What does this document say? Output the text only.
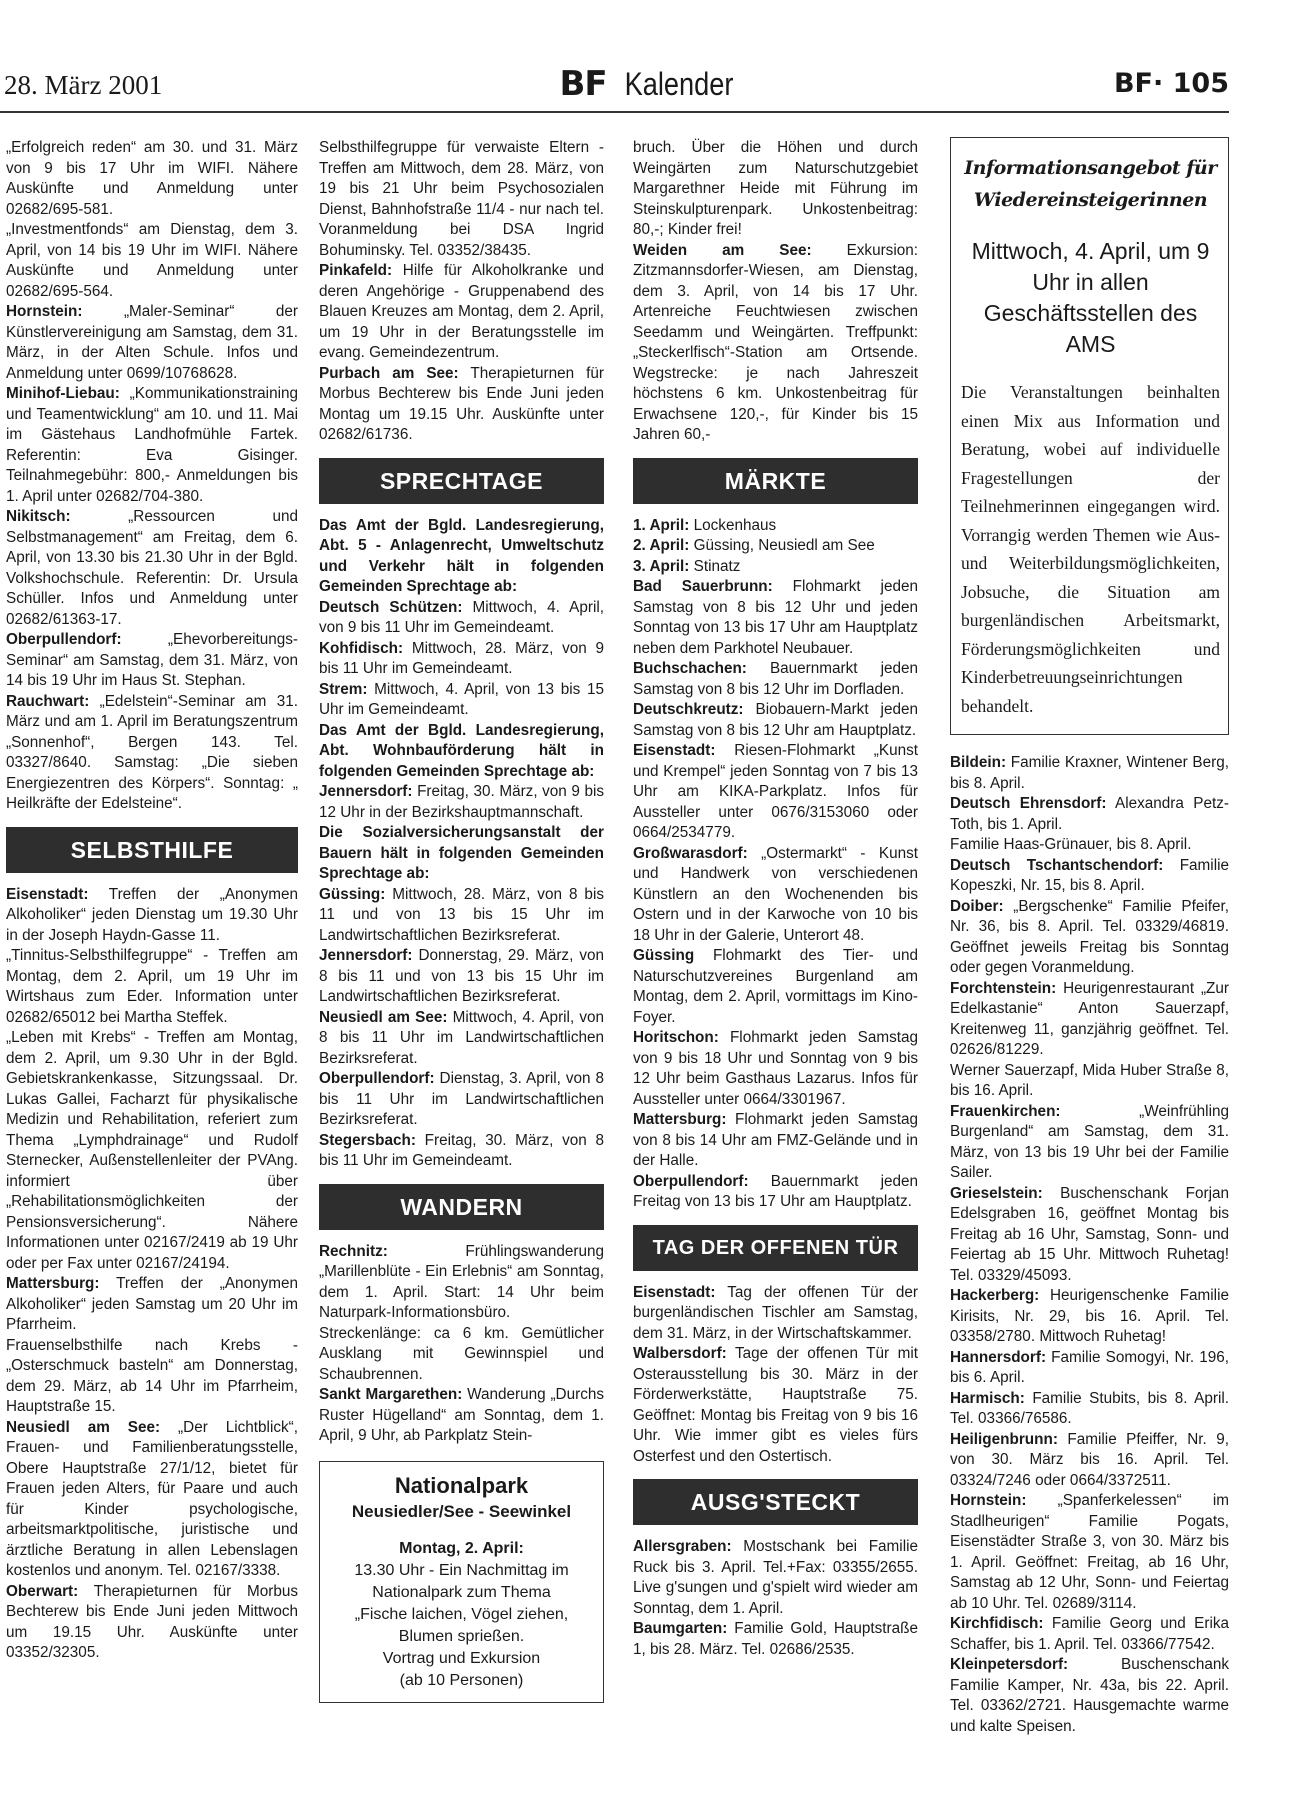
28. März 2001	BF Kalender	BF· 105

„Erfolgreich reden“ am 30. und 31. März von 9 bis 17 Uhr im WIFI. Nähere Auskünfte und Anmeldung unter 02682/695-581.

„Investmentfonds“ am Dienstag, dem 3. April, von 14 bis 19 Uhr im WIFI. Nähere Auskünfte und Anmeldung unter 02682/695-564.

Hornstein: „Maler-Seminar“ der Künstlervereinigung am Samstag, dem 31. März, in der Alten Schule. Infos und Anmeldung unter 0699/10768628.

Minihof-Liebau: „Kommunikationstraining und Teamentwicklung“ am 10. und 11. Mai im Gästehaus Landhofmühle Fartek. Referentin: Eva Gisinger. Teilnahmegebühr: 800,- Anmeldungen bis 1. April unter 02682/704-380.

Nikitsch: „Ressourcen und Selbstmanagement“ am Freitag, dem 6. April, von 13.30 bis 21.30 Uhr in der Bgld. Volkshochschule. Referentin: Dr. Ursula Schüller. Infos und Anmeldung unter 02682/61363-17.

Oberpullendorf: „Ehevorbereitungs-Seminar“ am Samstag, dem 31. März, von 14 bis 19 Uhr im Haus St. Stephan.

Rauchwart: „Edelstein“-Seminar am 31. März und am 1. April im Beratungszentrum „Sonnenhof“, Bergen 143. Tel. 03327/8640. Samstag: „Die sieben Energiezentren des Körpers“. Sonntag: „ Heilkräfte der Edelsteine“.

SELBSTHILFE

Eisenstadt: Treffen der „Anonymen Alkoholiker“ jeden Dienstag um 19.30 Uhr in der Joseph Haydn-Gasse 11.

„Tinnitus-Selbsthilfegruppe“ - Treffen am Montag, dem 2. April, um 19 Uhr im Wirtshaus zum Eder. Information unter 02682/65012 bei Martha Steffek.

„Leben mit Krebs“ - Treffen am Montag, dem 2. April, um 9.30 Uhr in der Bgld. Gebietskrankenkasse, Sitzungssaal. Dr. Lukas Gallei, Facharzt für physikalische Medizin und Rehabilitation, referiert zum Thema „Lymphdrainage“ und Rudolf Sternecker, Außenstellenleiter der PVAng. informiert über „Rehabilitationsmöglichkeiten der Pensionsversicherung“. Nähere Informationen unter 02167/2419 ab 19 Uhr oder per Fax unter 02167/24194.

Mattersburg: Treffen der „Anonymen Alkoholiker“ jeden Samstag um 20 Uhr im Pfarrheim.

Frauenselbsthilfe nach Krebs - „Osterschmuck basteln“ am Donnerstag, dem 29. März, ab 14 Uhr im Pfarrheim, Hauptstraße 15.

Neusiedl am See: „Der Lichtblick“, Frauen- und Familienberatungsstelle, Obere Hauptstraße 27/1/12, bietet für Frauen jeden Alters, für Paare und auch für Kinder psychologische, arbeitsmarktpolitische, juristische und ärztliche Beratung in allen Lebenslagen kostenlos und anonym. Tel. 02167/3338.

Oberwart: Therapieturnen für Morbus Bechterew bis Ende Juni jeden Mittwoch um 19.15 Uhr. Auskünfte unter 03352/32305.

Selbsthilfegruppe für verwaiste Eltern - Treffen am Mittwoch, dem 28. März, von 19 bis 21 Uhr beim Psychosozialen Dienst, Bahnhofstraße 11/4 - nur nach tel. Voranmeldung bei DSA Ingrid Bohuminsky. Tel. 03352/38435.

Pinkafeld: Hilfe für Alkoholkranke und deren Angehörige - Gruppenabend des Blauen Kreuzes am Montag, dem 2. April, um 19 Uhr in der Beratungsstelle im evang. Gemeindezentrum.

Purbach am See: Therapieturnen für Morbus Bechterew bis Ende Juni jeden Montag um 19.15 Uhr. Auskünfte unter 02682/61736.

SPRECHTAGE

Das Amt der Bgld. Landesregierung, Abt. 5 - Anlagenrecht, Umweltschutz und Verkehr hält in folgenden Gemeinden Sprechtage ab:

Deutsch Schützen: Mittwoch, 4. April, von 9 bis 11 Uhr im Gemeindeamt.

Kohfidisch: Mittwoch, 28. März, von 9 bis 11 Uhr im Gemeindeamt.

Strem: Mittwoch, 4. April, von 13 bis 15 Uhr im Gemeindeamt.

Das Amt der Bgld. Landesregierung, Abt. Wohnbauförderung hält in folgenden Gemeinden Sprechtage ab:

Jennersdorf: Freitag, 30. März, von 9 bis 12 Uhr in der Bezirkshauptmannschaft.

Die Sozialversicherungsanstalt der Bauern hält in folgenden Gemeinden Sprechtage ab:

Güssing: Mittwoch, 28. März, von 8 bis 11 und von 13 bis 15 Uhr im Landwirtschaftlichen Bezirksreferat.

Jennersdorf: Donnerstag, 29. März, von 8 bis 11 und von 13 bis 15 Uhr im Landwirtschaftlichen Bezirksreferat.

Neusiedl am See: Mittwoch, 4. April, von 8 bis 11 Uhr im Landwirtschaftlichen Bezirksreferat.

Oberpullendorf: Dienstag, 3. April, von 8 bis 11 Uhr im Landwirtschaftlichen Bezirksreferat.

Stegersbach: Freitag, 30. März, von 8 bis 11 Uhr im Gemeindeamt.

WANDERN

Rechnitz: Frühlingswanderung „Marillenblüte - Ein Erlebnis“ am Sonntag, dem 1. April. Start: 14 Uhr beim Naturpark-Informationsbüro. Streckenlänge: ca 6 km. Gemütlicher Ausklang mit Gewinnspiel und Schaubrennen.

Sankt Margarethen: Wanderung „Durchs Ruster Hügelland“ am Sonntag, dem 1. April, 9 Uhr, ab Parkplatz Stein-

Nationalpark
Neusiedler/See - Seewinkel
Montag, 2. April:
13.30 Uhr - Ein Nachmittag im Nationalpark zum Thema
„Fische laichen, Vögel ziehen, Blumen sprießen.
Vortrag und Exkursion
(ab 10 Personen)

bruch. Über die Höhen und durch Weingärten zum Naturschutzgebiet Margarethner Heide mit Führung im Steinskulpturenpark. Unkostenbeitrag: 80,-; Kinder frei!

Weiden am See: Exkursion: Zitzmannsdorfer-Wiesen, am Dienstag, dem 3. April, von 14 bis 17 Uhr. Artenreiche Feuchtwiesen zwischen Seedamm und Weingärten. Treffpunkt: „Steckerlfisch“-Station am Ortsende. Wegstrecke: je nach Jahreszeit höchstens 6 km. Unkostenbeitrag für Erwachsene 120,-, für Kinder bis 15 Jahren 60,-

MÄRKTE

1. April: Lockenhaus

2. April: Güssing, Neusiedl am See

3. April: Stinatz

Bad Sauerbrunn: Flohmarkt jeden Samstag von 8 bis 12 Uhr und jeden Sonntag von 13 bis 17 Uhr am Hauptplatz neben dem Parkhotel Neubauer.

Buchschachen: Bauernmarkt jeden Samstag von 8 bis 12 Uhr im Dorfladen.

Deutschkreutz: Biobauern-Markt jeden Samstag von 8 bis 12 Uhr am Hauptplatz.

Eisenstadt: Riesen-Flohmarkt „Kunst und Krempel“ jeden Sonntag von 7 bis 13 Uhr am KIKA-Parkplatz. Infos für Aussteller unter 0676/3153060 oder 0664/2534779.

Großwarasdorf: „Ostermarkt“ - Kunst und Handwerk von verschiedenen Künstlern an den Wochenenden bis Ostern und in der Karwoche von 10 bis 18 Uhr in der Galerie, Unterort 48.

Güssing Flohmarkt des Tier- und Naturschutzvereines Burgenland am Montag, dem 2. April, vormittags im Kino-Foyer.

Horitschon: Flohmarkt jeden Samstag von 9 bis 18 Uhr und Sonntag von 9 bis 12 Uhr beim Gasthaus Lazarus. Infos für Aussteller unter 0664/3301967.

Mattersburg: Flohmarkt jeden Samstag von 8 bis 14 Uhr am FMZ-Gelände und in der Halle.

Oberpullendorf: Bauernmarkt jeden Freitag von 13 bis 17 Uhr am Hauptplatz.

TAG DER OFFENEN TÜR

Eisenstadt: Tag der offenen Tür der burgenländischen Tischler am Samstag, dem 31. März, in der Wirtschaftskammer.

Walbersdorf: Tage der offenen Tür mit Osterausstellung bis 30. März in der Förderwerkstätte, Hauptstraße 75. Geöffnet: Montag bis Freitag von 9 bis 16 Uhr. Wie immer gibt es vieles fürs Osterfest und den Ostertisch.

AUSG'STECKT

Allersgraben: Mostschank bei Familie Ruck bis 3. April. Tel.+Fax: 03355/2655. Live g'sungen und g'spielt wird wieder am Sonntag, dem 1. April.

Baumgarten: Familie Gold, Hauptstraße 1, bis 28. März. Tel. 02686/2535.

Informationsangebot für
Wiedereinsteigerinnen
Mittwoch, 4. April, um 9 Uhr in allen Geschäftsstellen des AMS
Die Veranstaltungen beinhalten einen Mix aus Information und Beratung, wobei auf individuelle Fragestellungen der Teilnehmerinnen eingegangen wird. Vorrangig werden Themen wie Aus- und Weiterbildungsmöglichkeiten, Jobsuche, die Situation am burgenländischen Arbeitsmarkt, Förderungsmöglichkeiten und Kinderbetreuungseinrichtungen behandelt.

Bildein: Familie Kraxner, Wintener Berg, bis 8. April.

Deutsch Ehrensdorf: Alexandra Petz-Toth, bis 1. April.

Familie Haas-Grünauer, bis 8. April.

Deutsch Tschantschendorf: Familie Kopeszki, Nr. 15, bis 8. April.

Doiber: „Bergschenke“ Familie Pfeifer, Nr. 36, bis 8. April. Tel. 03329/46819. Geöffnet jeweils Freitag bis Sonntag oder gegen Voranmeldung.

Forchtenstein: Heurigenrestaurant „Zur Edelkastanie“ Anton Sauerzapf, Kreitenweg 11, ganzjährig geöffnet. Tel. 02626/81229.

Werner Sauerzapf, Mida Huber Straße 8, bis 16. April.

Frauenkirchen: „Weinfrühling Burgenland“ am Samstag, dem 31. März, von 13 bis 19 Uhr bei der Familie Sailer.

Grieselstein: Buschenschank Forjan Edelsgraben 16, geöffnet Montag bis Freitag ab 16 Uhr, Samstag, Sonn- und Feiertag ab 15 Uhr. Mittwoch Ruhetag! Tel. 03329/45093.

Hackerberg: Heurigenschenke Familie Kirisits, Nr. 29, bis 16. April. Tel. 03358/2780. Mittwoch Ruhetag!

Hannersdorf: Familie Somogyi, Nr. 196, bis 6. April.

Harmisch: Familie Stubits, bis 8. April. Tel. 03366/76586.

Heiligenbrunn: Familie Pfeiffer, Nr. 9, von 30. März bis 16. April. Tel. 03324/7246 oder 0664/3372511.

Hornstein: „Spanferkelessen“ im Stadlheurigen“ Familie Pogats, Eisenstädter Straße 3, von 30. März bis 1. April. Geöffnet: Freitag, ab 16 Uhr, Samstag ab 12 Uhr, Sonn- und Feiertag ab 10 Uhr. Tel. 02689/3114.

Kirchfidisch: Familie Georg und Erika Schaffer, bis 1. April. Tel. 03366/77542.

Kleinpetersdorf: Buschenschank Familie Kamper, Nr. 43a, bis 22. April. Tel. 03362/2721. Hausgemachte warme und kalte Speisen.
